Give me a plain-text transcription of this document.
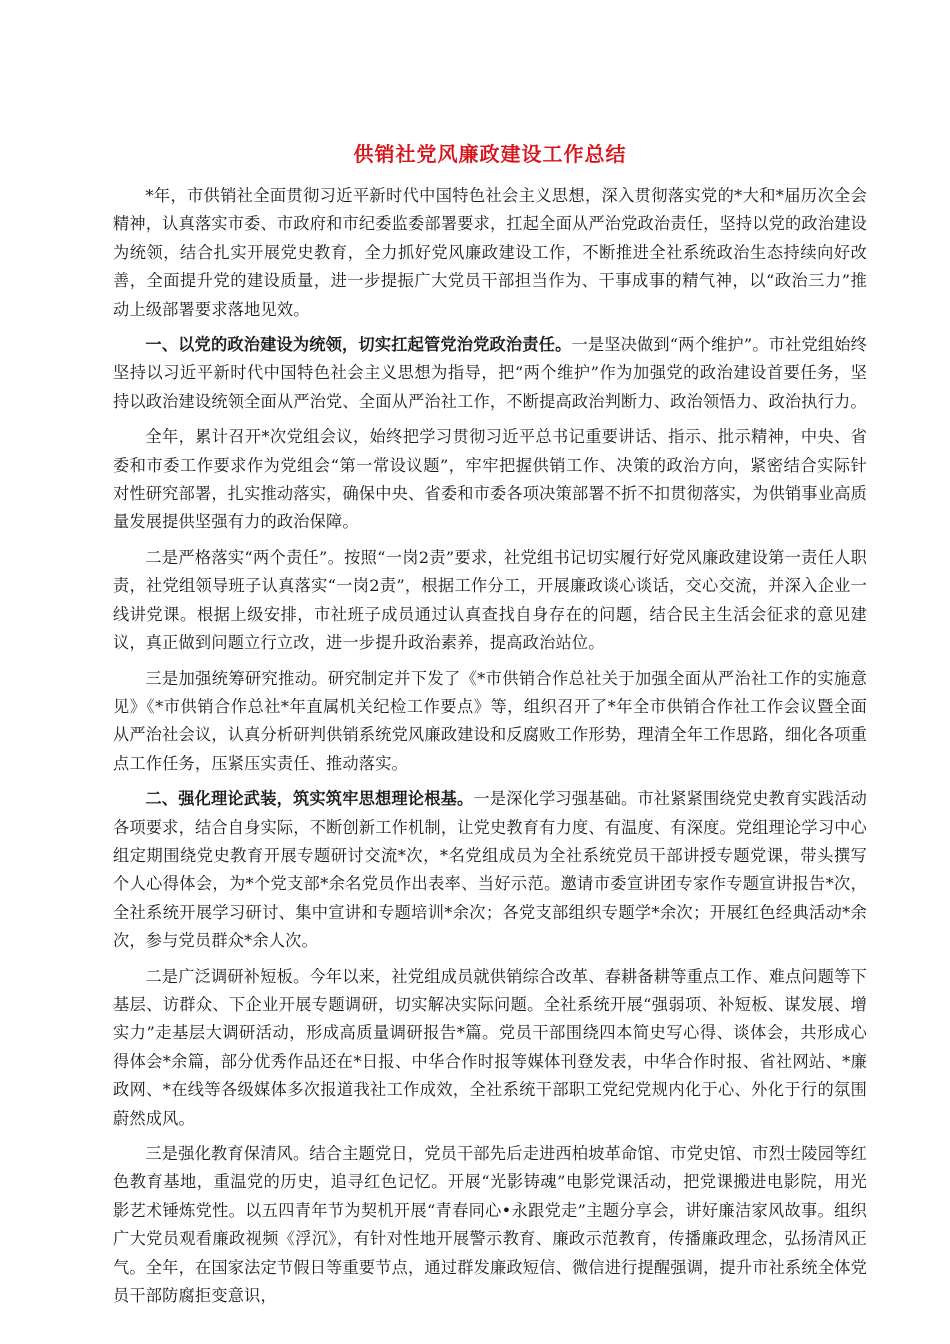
供销社党风廉政建设工作总结

*年，市供销社全面贯彻习近平新时代中国特色社会主义思想，深入贯彻落实党的*大和*届历次全会精神，认真落实市委、市政府和市纪委监委部署要求，扛起全面从严治党政治责任，坚持以党的政治建设为统领，结合扎实开展党史教育，全力抓好党风廉政建设工作，不断推进全社系统政治生态持续向好改善，全面提升党的建设质量，进一步提振广大党员干部担当作为、干事成事的精气神，以“政治三力”推动上级部署要求落地见效。

一、以党的政治建设为统领，切实扛起管党治党政治责任。一是坚决做到“两个维护”。市社党组始终坚持以习近平新时代中国特色社会主义思想为指导，把“两个维护”作为加强党的政治建设首要任务，坚持以政治建设统领全面从严治党、全面从严治社工作，不断提高政治判断力、政治领悟力、政治执行力。

全年，累计召开*次党组会议，始终把学习贯彻习近平总书记重要讲话、指示、批示精神，中央、省委和市委工作要求作为党组会“第一常设议题”，牢牢把握供销工作、决策的政治方向，紧密结合实际针对性研究部署，扎实推动落实，确保中央、省委和市委各项决策部署不折不扣贯彻落实，为供销事业高质量发展提供坚强有力的政治保障。

二是严格落实“两个责任”。按照“一岗2责”要求，社党组书记切实履行好党风廉政建设第一责任人职责，社党组领导班子认真落实“一岗2责”，根据工作分工，开展廉政谈心谈话，交心交流，并深入企业一线讲党课。根据上级安排，市社班子成员通过认真查找自身存在的问题，结合民主生活会征求的意见建议，真正做到问题立行立改，进一步提升政治素养，提高政治站位。

三是加强统筹研究推动。研究制定并下发了《*市供销合作总社关于加强全面从严治社工作的实施意见》《*市供销合作总社*年直属机关纪检工作要点》等，组织召开了*年全市供销合作社工作会议暨全面从严治社会议，认真分析研判供销系统党风廉政建设和反腐败工作形势，理清全年工作思路，细化各项重点工作任务，压紧压实责任、推动落实。

二、强化理论武装，筑实筑牢思想理论根基。一是深化学习强基础。市社紧紧围绕党史教育实践活动各项要求，结合自身实际，不断创新工作机制，让党史教育有力度、有温度、有深度。党组理论学习中心组定期围绕党史教育开展专题研讨交流*次，*名党组成员为全社系统党员干部讲授专题党课，带头撰写个人心得体会，为*个党支部*余名党员作出表率、当好示范。邀请市委宣讲团专家作专题宣讲报告*次，全社系统开展学习研讨、集中宣讲和专题培训*余次；各党支部组织专题学*余次；开展红色经典活动*余次，参与党员群众*余人次。

二是广泛调研补短板。今年以来，社党组成员就供销综合改革、春耕备耕等重点工作、难点问题等下基层、访群众、下企业开展专题调研，切实解决实际问题。全社系统开展“强弱项、补短板、谋发展、增实力”走基层大调研活动，形成高质量调研报告*篇。党员干部围绕四本简史写心得、谈体会，共形成心得体会*余篇，部分优秀作品还在*日报、中华合作时报等媒体刊登发表，中华合作时报、省社网站、*廉政网、*在线等各级媒体多次报道我社工作成效，全社系统干部职工党纪党规内化于心、外化于行的氛围蔚然成风。

三是强化教育保清风。结合主题党日，党员干部先后走进西柏坡革命馆、市党史馆、市烈士陵园等红色教育基地，重温党的历史，追寻红色记忆。开展“光影铸魂”电影党课活动，把党课搬进电影院，用光影艺术锤炼党性。以五四青年节为契机开展“青春同心•永跟党走”主题分享会，讲好廉洁家风故事。组织广大党员观看廉政视频《浮沉》，有针对性地开展警示教育、廉政示范教育，传播廉政理念，弘扬清风正气。全年，在国家法定节假日等重要节点，通过群发廉政短信、微信进行提醒强调，提升市社系统全体党员干部防腐拒变意识，
